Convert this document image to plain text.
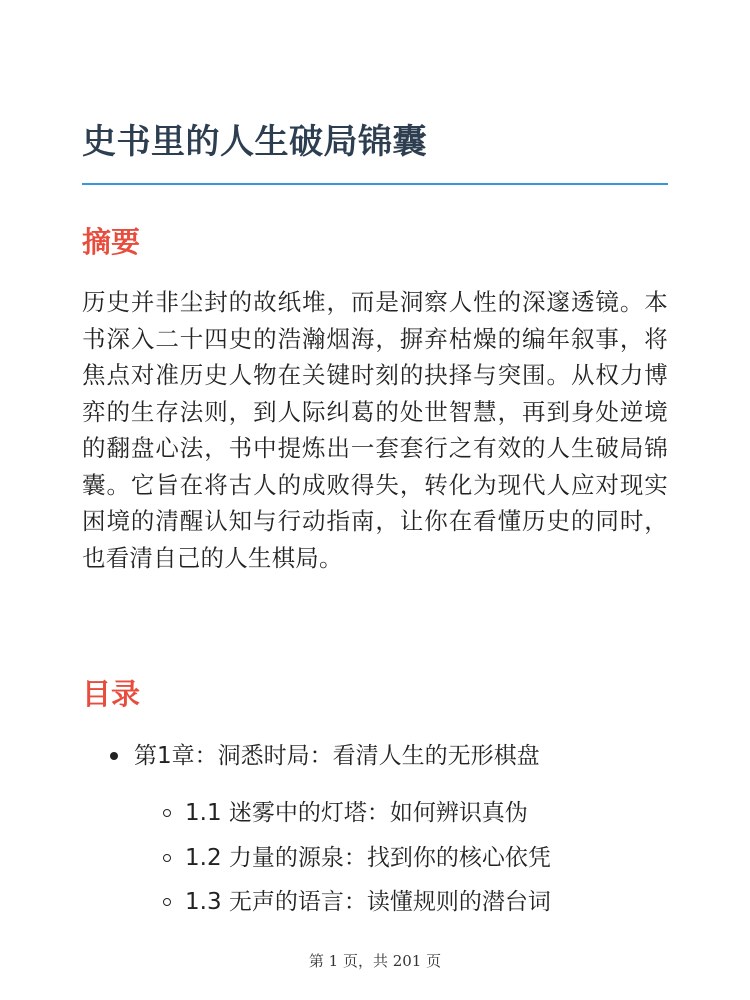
史书里的人生破局锦囊
摘要

历史并非尘封的故纸堆，而是洞察人性的深邃透镜。本书深入二十四史的浩瀚烟海，摒弃枯燥的编年叙事，将焦点对准历史人物在关键时刻的抉择与突围。从权力博弈的生存法则，到人际纠葛的处世智慧，再到身处逆境的翻盘心法，书中提炼出一套套行之有效的人生破局锦囊。它旨在将古人的成败得失，转化为现代人应对现实困境的清醒认知与行动指南，让你在看懂历史的同时，也看清自己的人生棋局。

目录
第1章：洞悉时局：看清人生的无形棋盘
1.1 迷雾中的灯塔：如何辨识真伪
1.2 力量的源泉：找到你的核心依凭
1.3 无声的语言：读懂规则的潜台词
第 1 页，共 201 页
